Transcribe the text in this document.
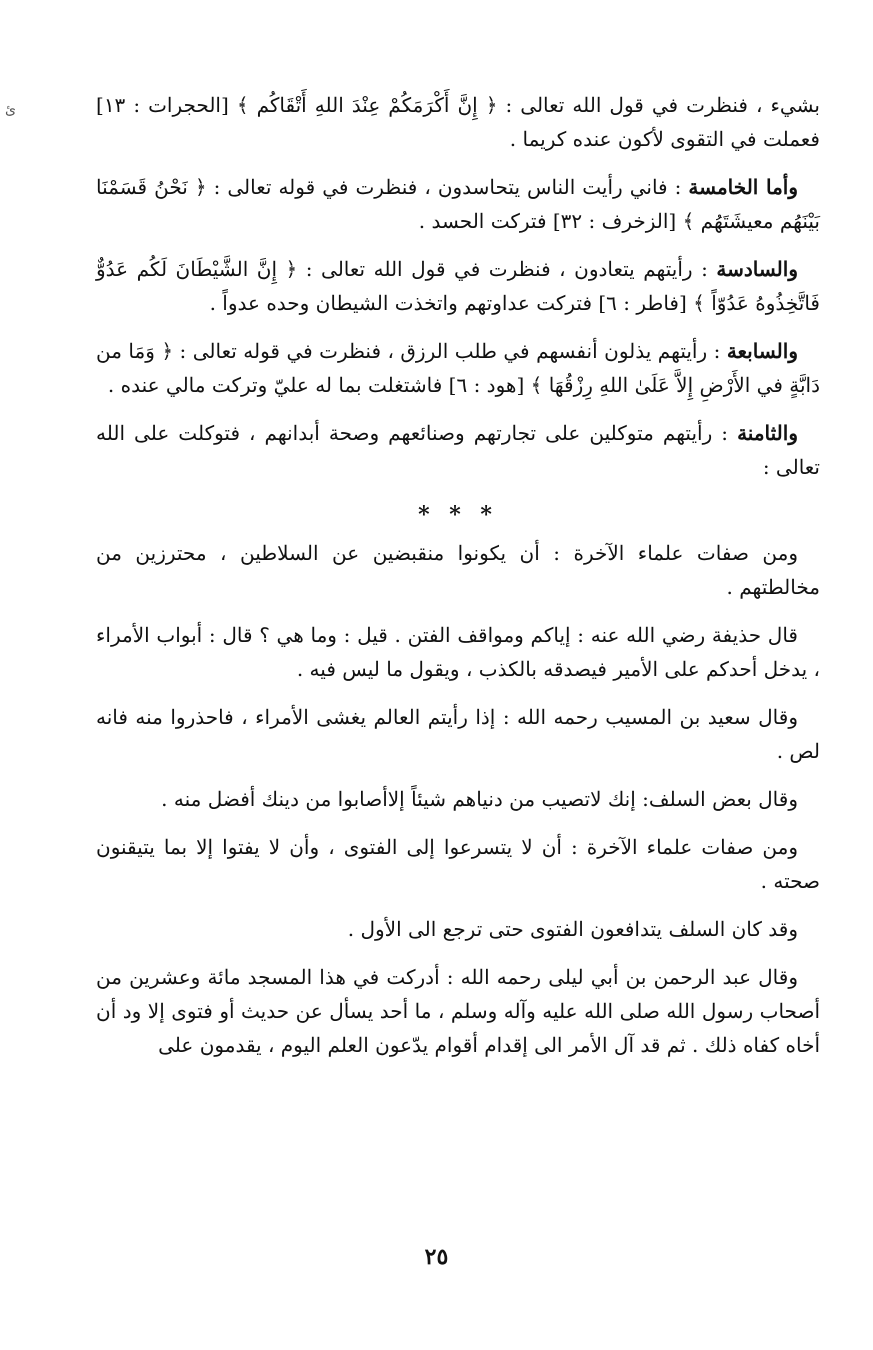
ئ	بشيء ، فنظرت في قول الله تعالى : ﴿ إِنَّ أَكْرَمَكُمْ عِنْدَ اللهِ أَتْقَاكُم ﴾ [الحجرات : ١٣] فعملت في التقوى لأكون عنده كريما .

وأما الخامسة : فاني رأيت الناس يتحاسدون ، فنظرت في قوله تعالى : ﴿ نَحْنُ قَسَمْنَا بَيْنَهُم معيشَتَهُم ﴾ [الزخرف : ٣٢] فتركت الحسد .

والسادسة : رأيتهم يتعادون ، فنظرت في قول الله تعالى : ﴿ إِنَّ الشَّيْطَانَ لَكُم عَدُوٌّ فَاتَّخِذُوهُ عَدُوّاً ﴾ [فاطر : ٦] فتركت عداوتهم واتخذت الشيطان وحده عدواً .

والسابعة : رأيتهم يذلون أنفسهم في طلب الرزق ، فنظرت في قوله تعالى : ﴿ وَمَا من دَابَّةٍ في الأَرْضِ إِلاَّ عَلَىٰ اللهِ رِزْقُهَا ﴾ [هود : ٦] فاشتغلت بما له عليّ وتركت مالي عنده .

والثامنة : رأيتهم متوكلين على تجارتهم وصنائعهم وصحة أبدانهم ، فتوكلت على الله تعالى :

* * *

ومن صفات علماء الآخرة : أن يكونوا منقبضين عن السلاطين ، محترزين من مخالطتهم .

قال حذيفة رضي الله عنه : إياكم ومواقف الفتن . قيل : وما هي ؟ قال : أبواب الأمراء ، يدخل أحدكم على الأمير فيصدقه بالكذب ، ويقول ما ليس فيه .

وقال سعيد بن المسيب رحمه الله : إذا رأيتم العالم يغشى الأمراء ، فاحذروا منه فانه لص .

وقال بعض السلف: إنك لاتصيب من دنياهم شيئاً إلاأصابوا من دينك أفضل منه .

ومن صفات علماء الآخرة : أن لا يتسرعوا إلى الفتوى ، وأن لا يفتوا إلا بما يتيقنون صحته .

وقد كان السلف يتدافعون الفتوى حتى ترجع الى الأول .

وقال عبد الرحمن بن أبي ليلى رحمه الله : أدركت في هذا المسجد مائة وعشرين من أصحاب رسول الله صلى الله عليه وآله وسلم ، ما أحد يسأل عن حديث أو فتوى إلا ود أن أخاه كفاه ذلك . ثم قد آل الأمر الى إقدام أقوام يدّعون العلم اليوم ، يقدمون على

٢٥
